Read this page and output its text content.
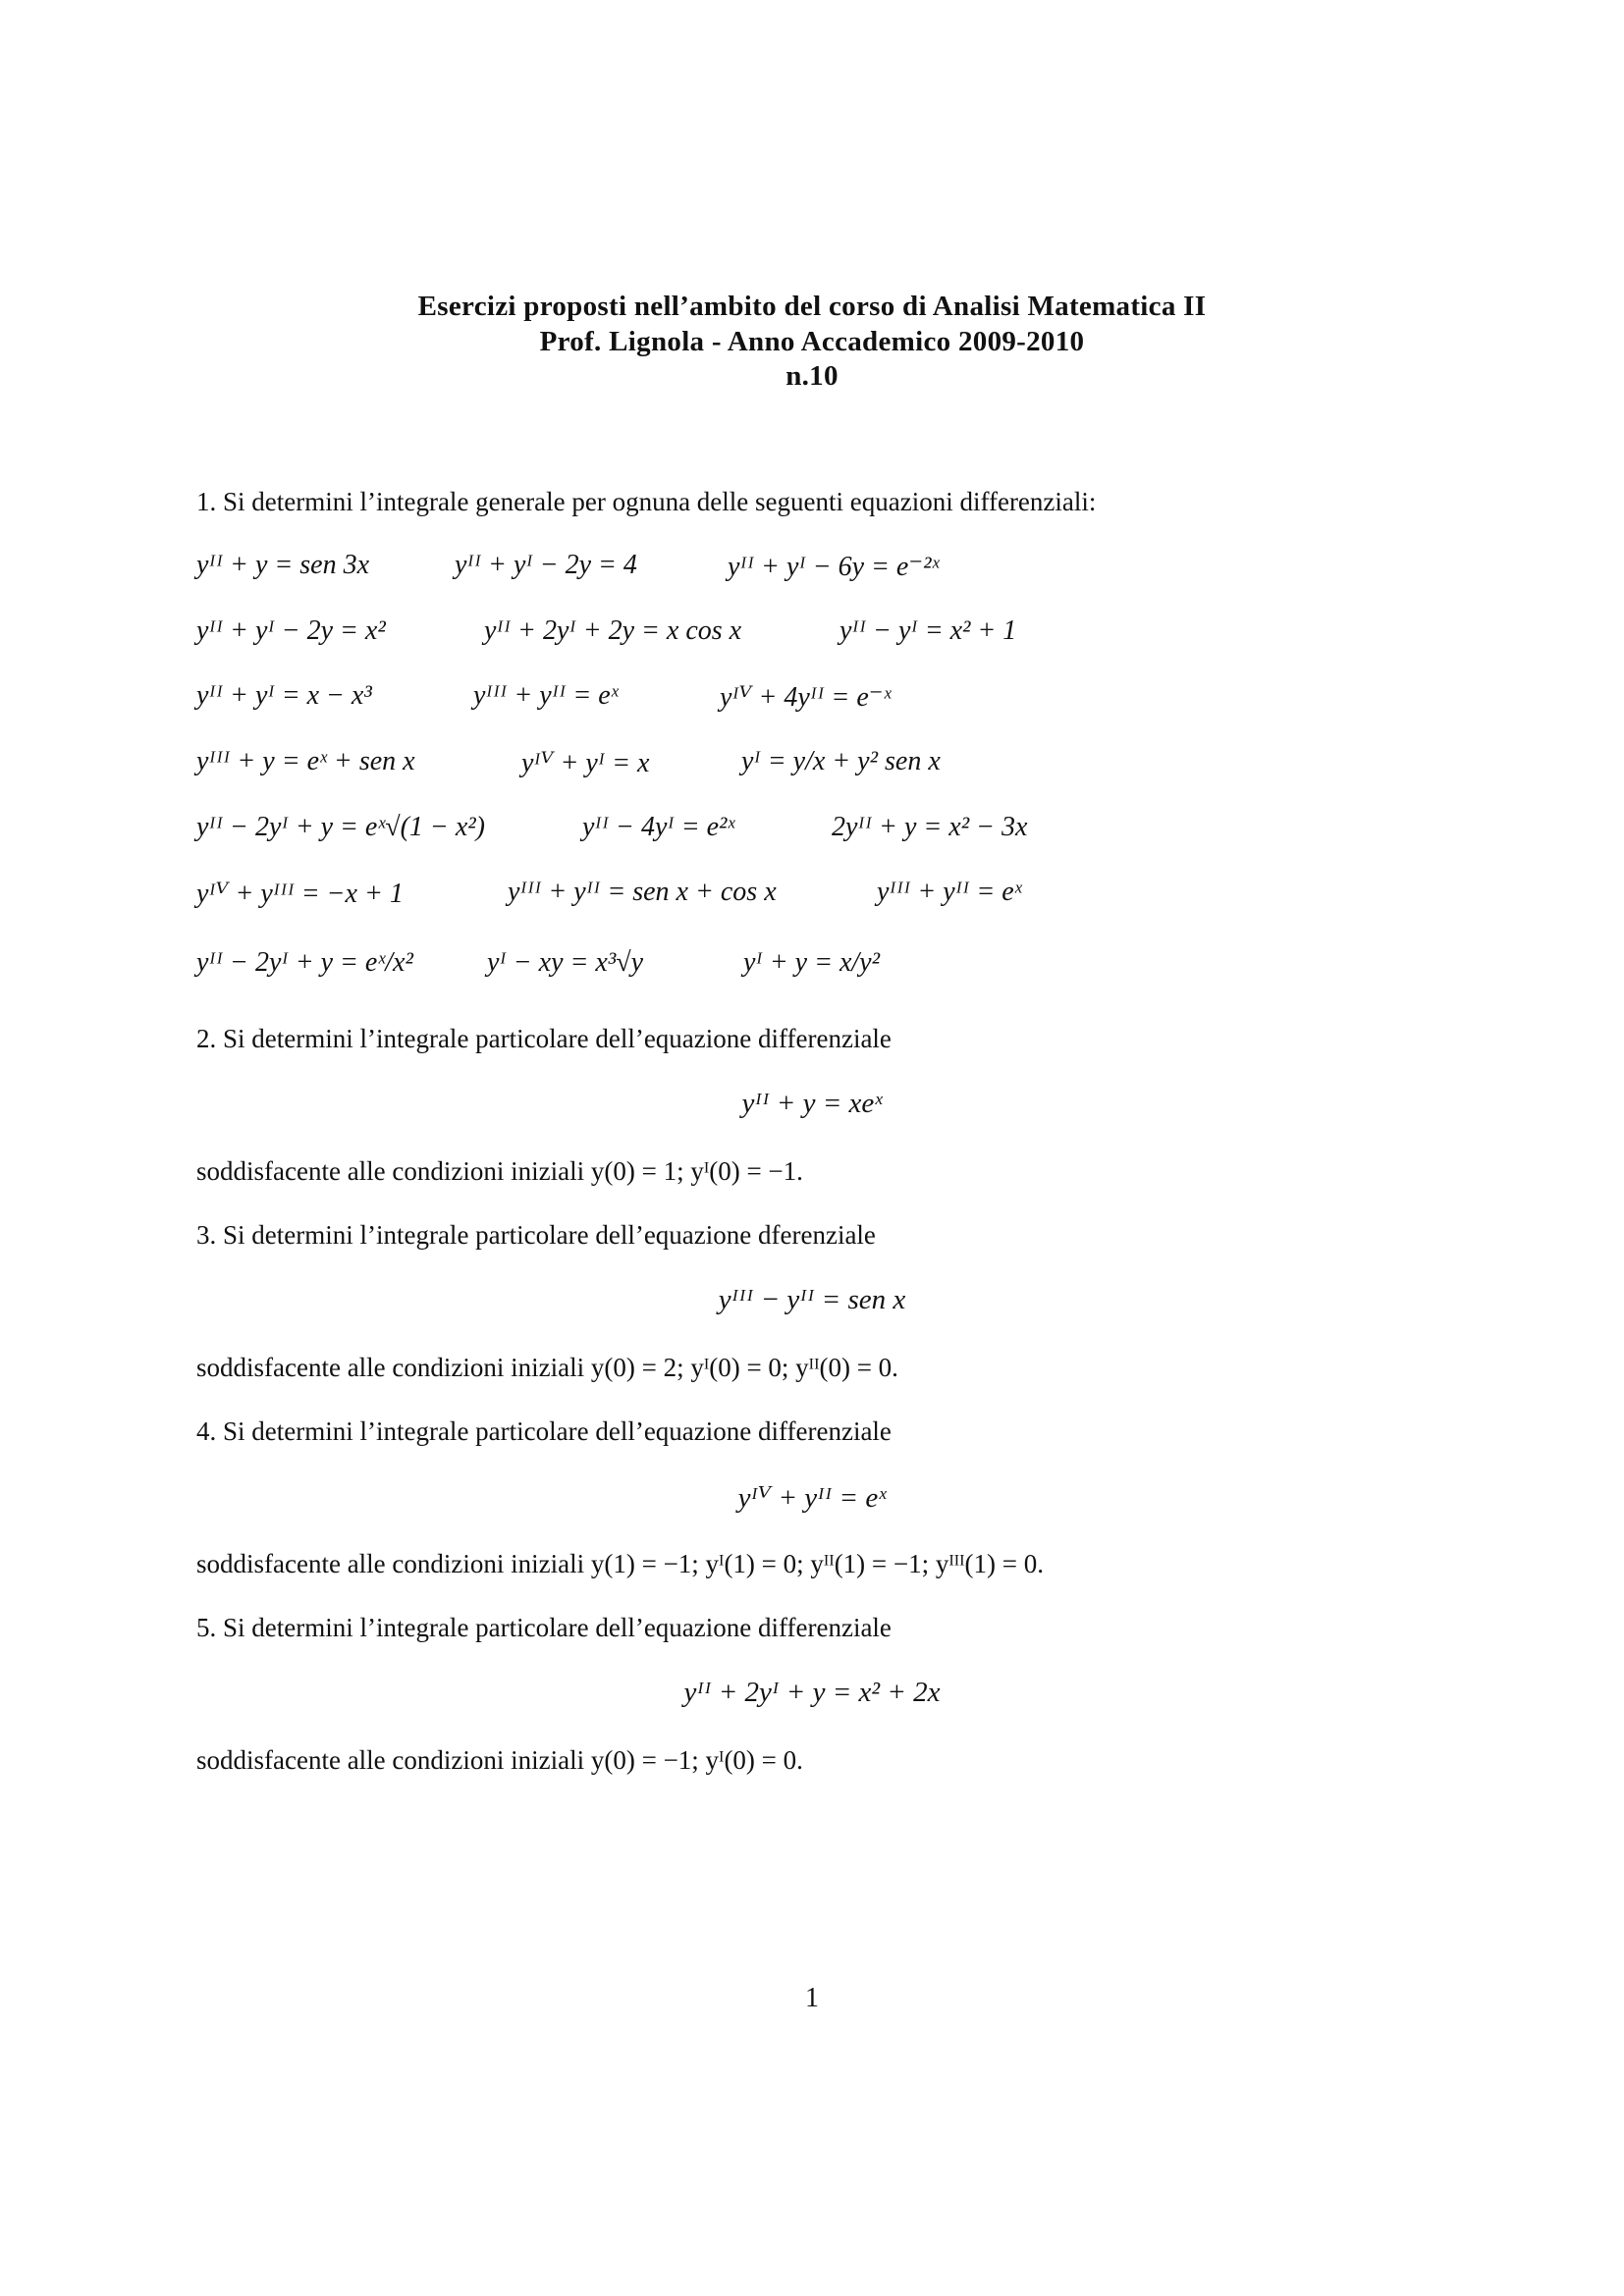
Esercizi proposti nell’ambito del corso di Analisi Matematica II
Prof. Lignola - Anno Accademico 2009-2010
n.10
1. Si determini l’integrale generale per ognuna delle seguenti equazioni differenziali:
yᴵᴵ + y = sen 3x	yᴵᴵ + yᴵ − 2y = 4	yᴵᴵ + yᴵ − 6y = e⁻²ˣ
yᴵᴵ + yᴵ − 2y = x²	yᴵᴵ + 2yᴵ + 2y = x cos x	yᴵᴵ − yᴵ = x² + 1
yᴵᴵ + yᴵ = x − x³	yᴵᴵᴵ + yᴵᴵ = eˣ	yᴵⱽ + 4yᴵᴵ = e⁻ˣ
yᴵᴵᴵ + y = eˣ + sen x	yᴵⱽ + yᴵ = x	yᴵ = y/x + y² sen x
yᴵᴵ − 2yᴵ + y = eˣ√(1 − x²)	yᴵᴵ − 4yᴵ = e²ˣ	2yᴵᴵ + y = x² − 3x
yᴵⱽ + yᴵᴵᴵ = −x + 1	yᴵᴵᴵ + yᴵᴵ = sen x + cos x	yᴵᴵᴵ + yᴵᴵ = eˣ
yᴵᴵ − 2yᴵ + y = eˣ/x²	yᴵ − xy = x³√y	yᴵ + y = x/y²
2. Si determini l’integrale particolare dell’equazione differenziale
yᴵᴵ + y = xeˣ
soddisfacente alle condizioni iniziali y(0) = 1; yᴵ(0) = −1.
3. Si determini l’integrale particolare dell’equazione dferenziale
yᴵᴵᴵ − yᴵᴵ = sen x
soddisfacente alle condizioni iniziali y(0) = 2; yᴵ(0) = 0; yᴵᴵ(0) = 0.
4. Si determini l’integrale particolare dell’equazione differenziale
yᴵⱽ + yᴵᴵ = eˣ
soddisfacente alle condizioni iniziali y(1) = −1; yᴵ(1) = 0; yᴵᴵ(1) = −1; yᴵᴵᴵ(1) = 0.
5. Si determini l’integrale particolare dell’equazione differenziale
yᴵᴵ + 2yᴵ + y = x² + 2x
soddisfacente alle condizioni iniziali y(0) = −1; yᴵ(0) = 0.
1
